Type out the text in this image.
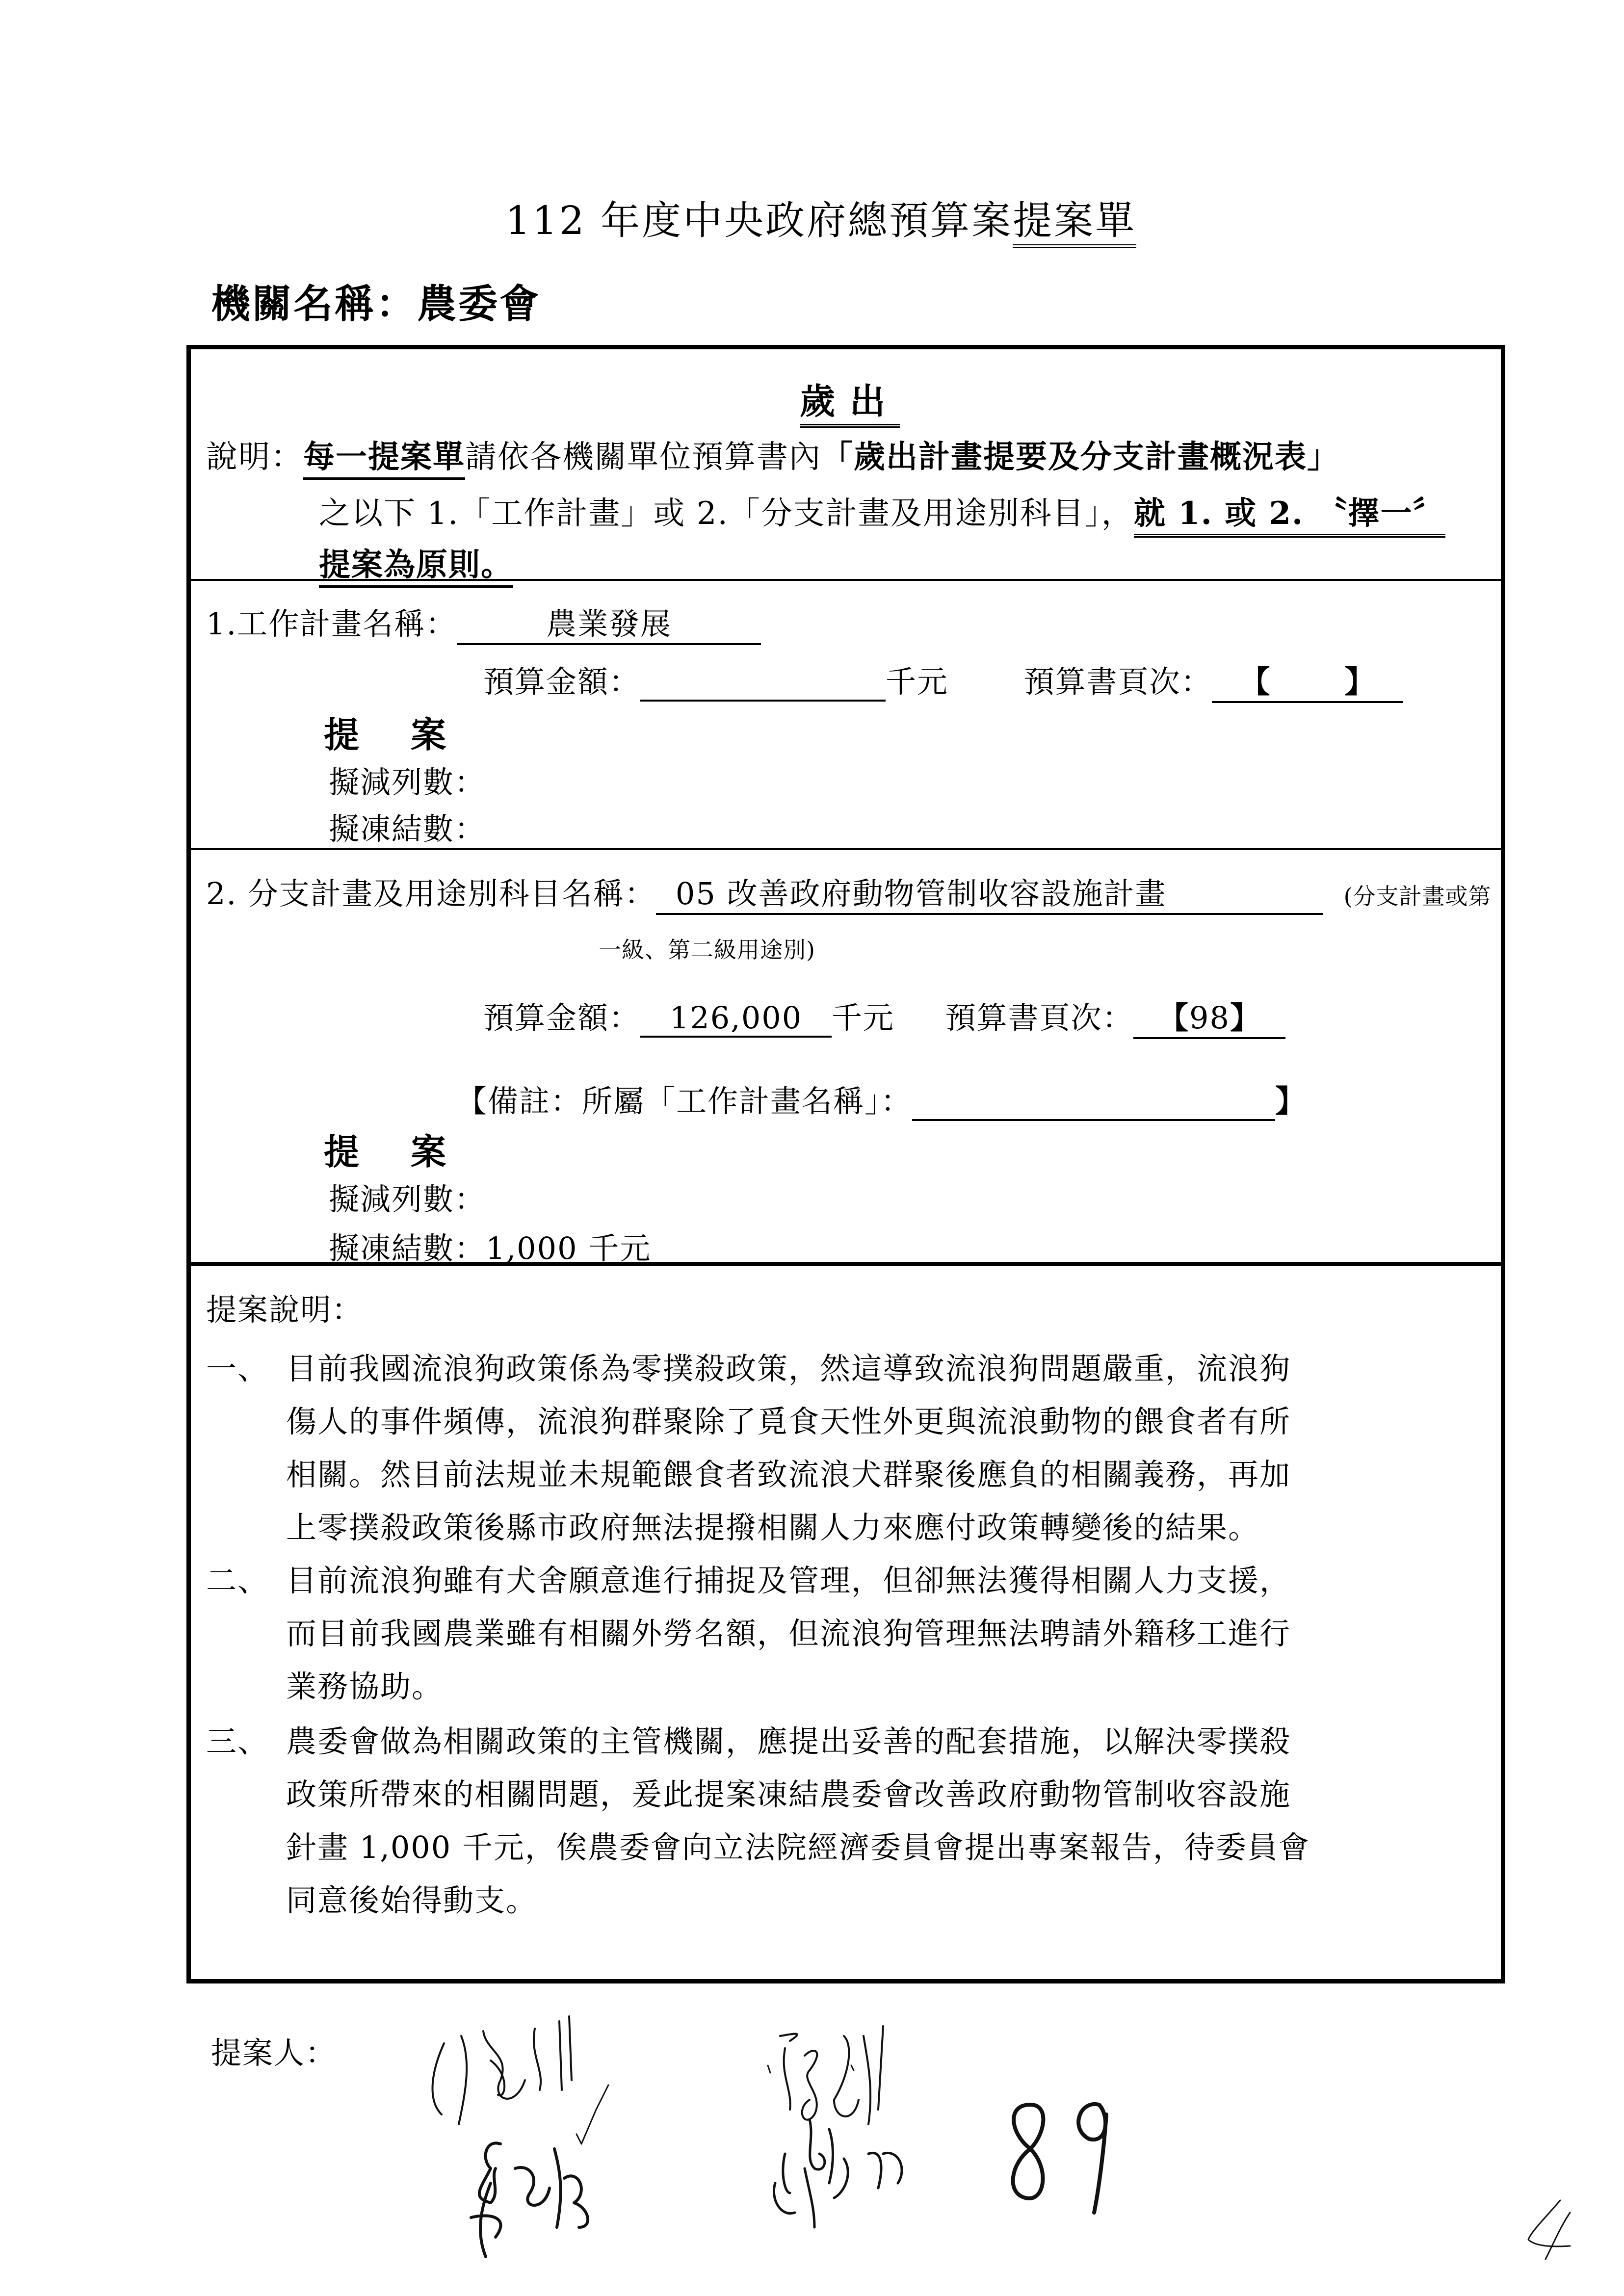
112 年度中央政府總預算案提案單
機關名稱：農委會
歲出
說明：每一提案單請依各機關單位預算書內「歲出計畫提要及分支計畫概況表」
之以下 1.「工作計畫」或 2.「分支計畫及用途別科目」，就 1. 或 2. 〝擇一〞
提案為原則。
1.工作計畫名稱：	農業發展
預算金額：	千元 預算書頁次： 【 】
提 案
擬減列數：
擬凍結數：
2. 分支計畫及用途別科目名稱： 05 改善政府動物管制收容設施計畫	(分支計畫或第
一級、第二級用途別)
預算金額： 126,000 千元 預算書頁次： 【98】
【備註：所屬「工作計畫名稱」：	】
提 案
擬減列數：
擬凍結數：1,000 千元
提案說明：
一、 目前我國流浪狗政策係為零撲殺政策，然這導致流浪狗問題嚴重，流浪狗
傷人的事件頻傳，流浪狗群聚除了覓食天性外更與流浪動物的餵食者有所
相關。然目前法規並未規範餵食者致流浪犬群聚後應負的相關義務，再加
上零撲殺政策後縣市政府無法提撥相關人力來應付政策轉變後的結果。
二、 目前流浪狗雖有犬舍願意進行捕捉及管理，但卻無法獲得相關人力支援，
而目前我國農業雖有相關外勞名額，但流浪狗管理無法聘請外籍移工進行
業務協助。
三、 農委會做為相關政策的主管機關，應提出妥善的配套措施，以解決零撲殺
政策所帶來的相關問題，爰此提案凍結農委會改善政府動物管制收容設施
針畫 1,000 千元，俟農委會向立法院經濟委員會提出專案報告，待委員會
同意後始得動支。
提案人：
